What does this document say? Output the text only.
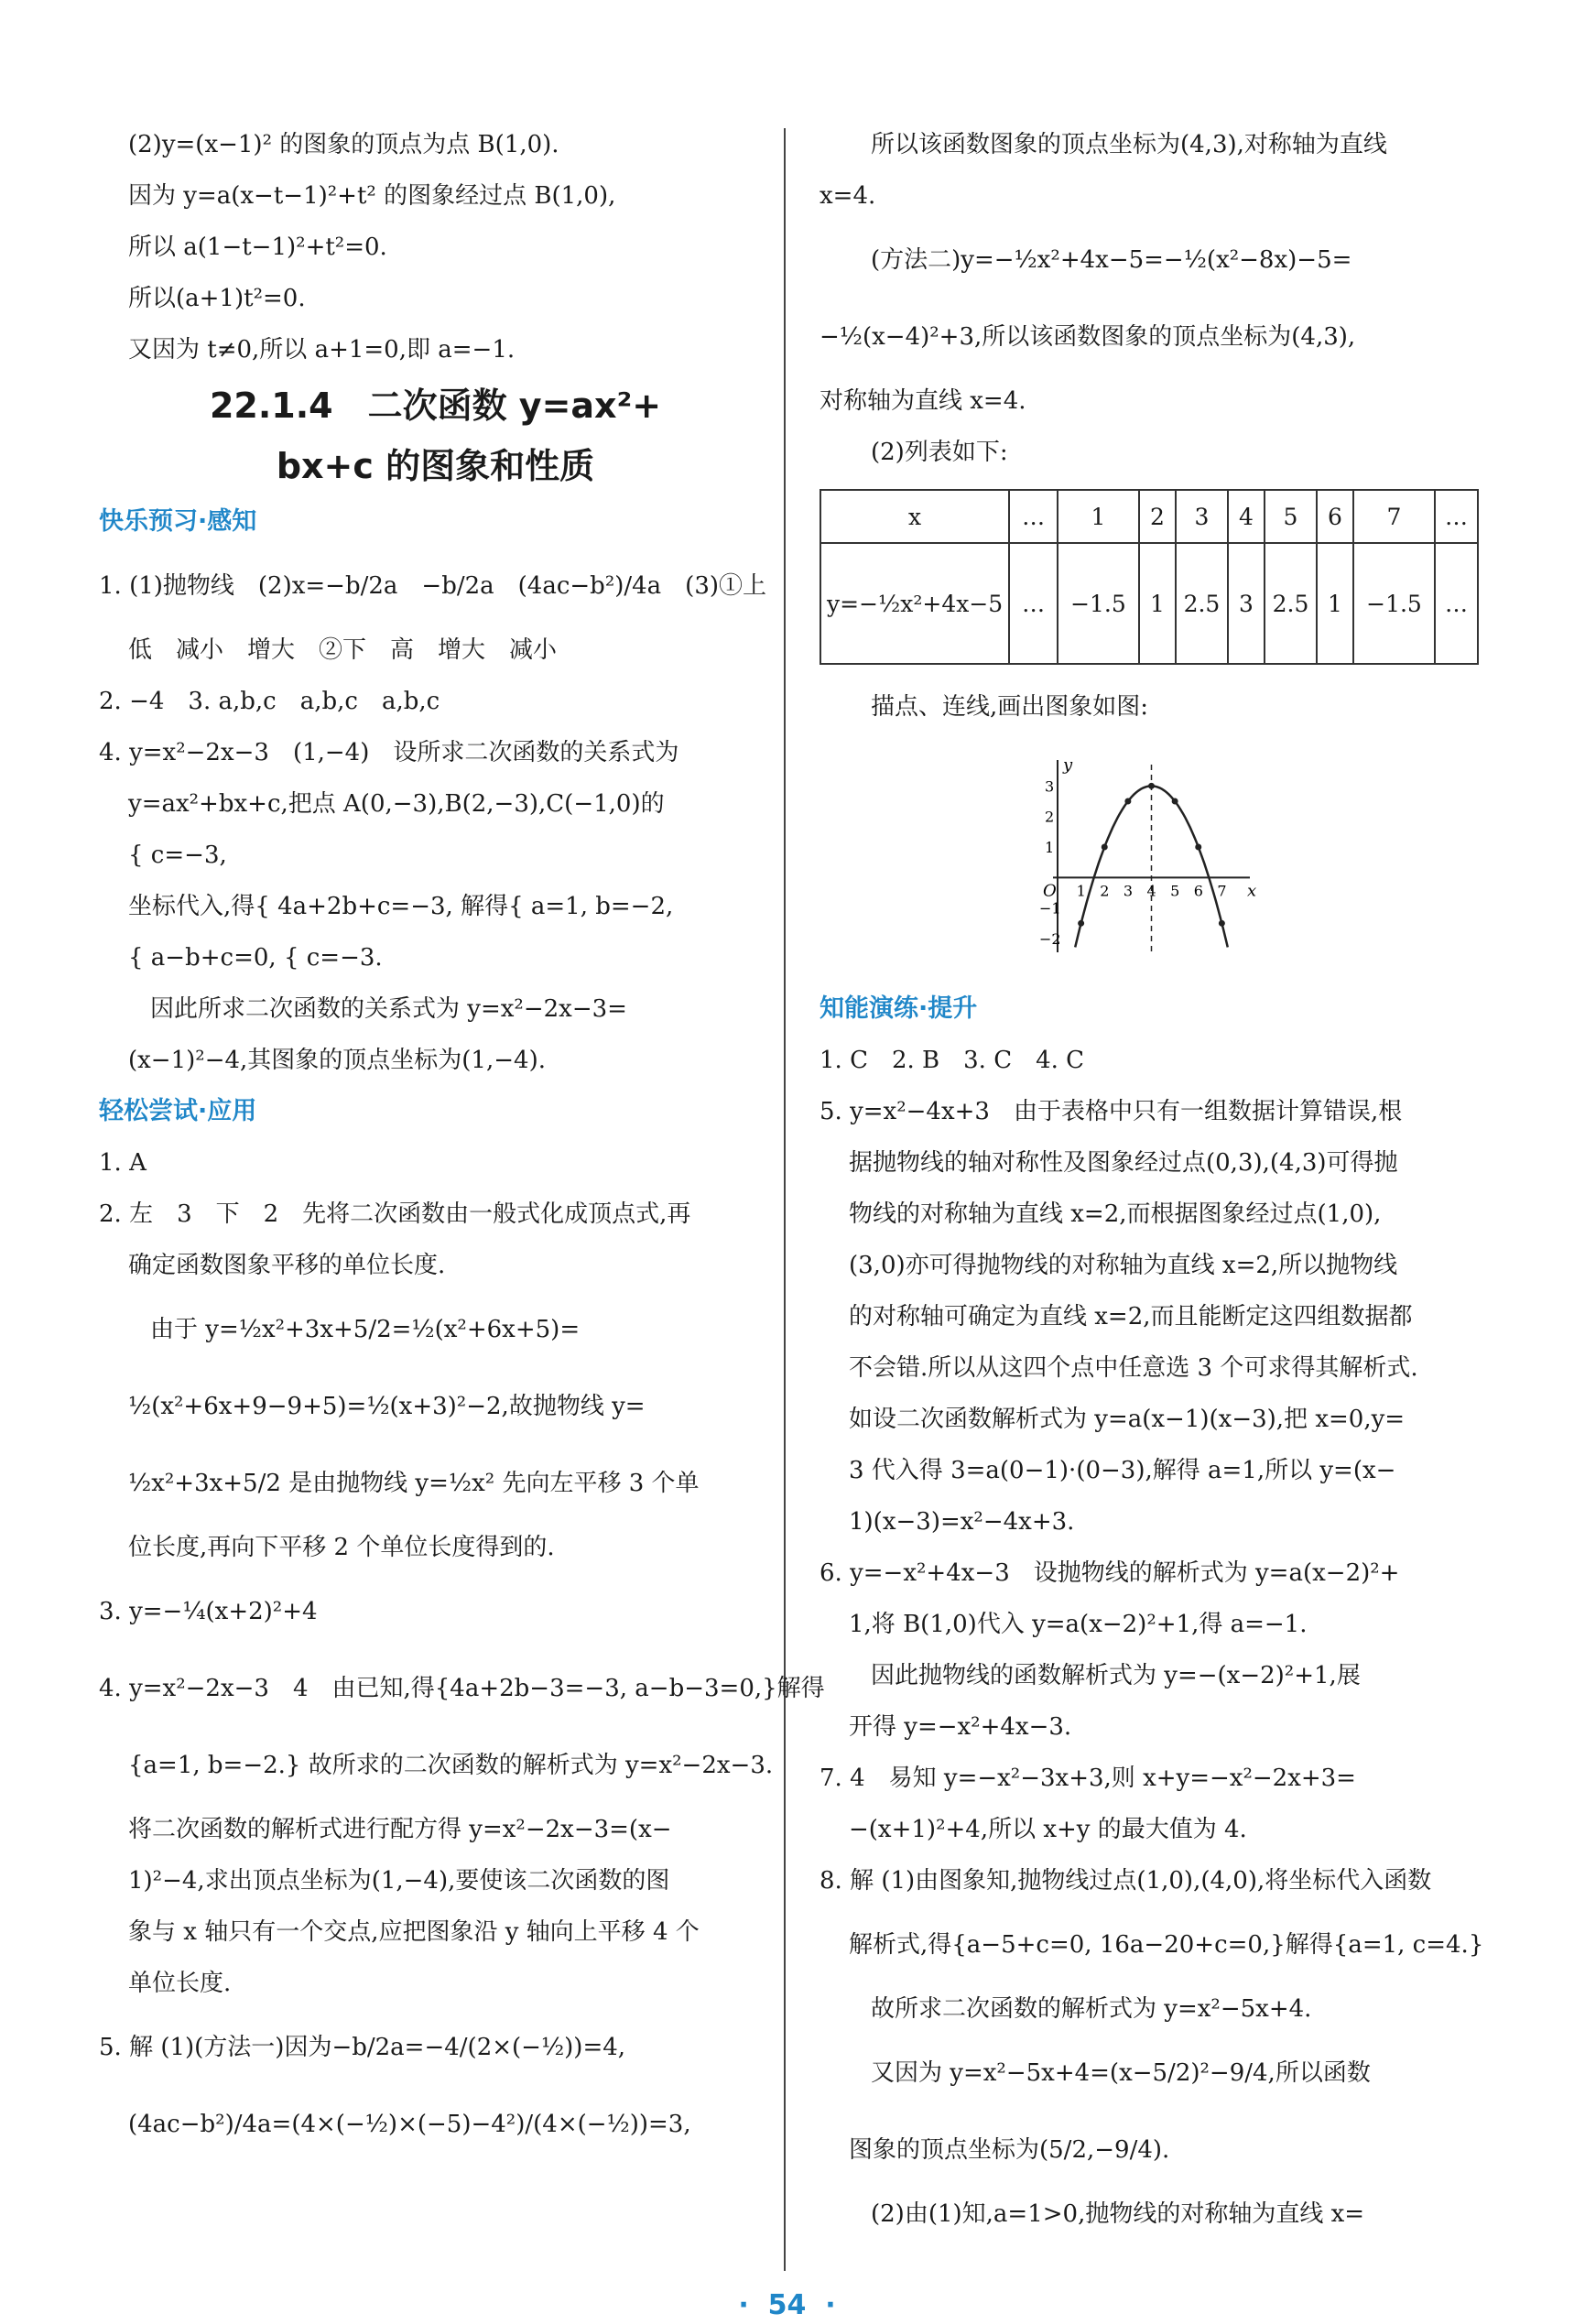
(2)y=(x−1)² 的图象的顶点为点 B(1,0).
因为 y=a(x−t−1)²+t² 的图象经过点 B(1,0),
所以 a(1−t−1)²+t²=0.
所以(a+1)t²=0.
又因为 t≠0,所以 a+1=0,即 a=−1.
22.1.4　二次函数 y=ax²+
bx+c 的图象和性质
快乐预习·感知
1. (1)抛物线　(2)x=−b/2a　−b/2a　(4ac−b²)/4a　(3)①上
低　减小　增大　②下　高　增大　减小
2. −4　3. a,b,c　a,b,c　a,b,c
4. y=x²−2x−3　(1,−4)　设所求二次函数的关系式为
y=ax²+bx+c,把点 A(0,−3),B(2,−3),C(−1,0)的
{ c=−3,
坐标代入,得{ 4a+2b+c=−3, 解得{ a=1, b=−2,
{ a−b+c=0, { c=−3.
因此所求二次函数的关系式为 y=x²−2x−3=
(x−1)²−4,其图象的顶点坐标为(1,−4).
轻松尝试·应用
1. A
2. 左　3　下　2　先将二次函数由一般式化成顶点式,再
确定函数图象平移的单位长度.
由于 y=½x²+3x+5/2=½(x²+6x+5)=
½(x²+6x+9−9+5)=½(x+3)²−2,故抛物线 y=
½x²+3x+5/2 是由抛物线 y=½x² 先向左平移 3 个单
位长度,再向下平移 2 个单位长度得到的.
3. y=−¼(x+2)²+4
4. y=x²−2x−3　4　由已知,得{4a+2b−3=−3, a−b−3=0,}解得
{a=1, b=−2.} 故所求的二次函数的解析式为 y=x²−2x−3.
将二次函数的解析式进行配方得 y=x²−2x−3=(x−
1)²−4,求出顶点坐标为(1,−4),要使该二次函数的图
象与 x 轴只有一个交点,应把图象沿 y 轴向上平移 4 个
单位长度.
5. 解 (1)(方法一)因为−b/2a=−4/(2×(−½))=4,
(4ac−b²)/4a=(4×(−½)×(−5)−4²)/(4×(−½))=3,
所以该函数图象的顶点坐标为(4,3),对称轴为直线
x=4.
(方法二)y=−½x²+4x−5=−½(x²−8x)−5=
−½(x−4)²+3,所以该函数图象的顶点坐标为(4,3),
对称轴为直线 x=4.
(2)列表如下:
x	…	1	2	3	4	5	6	7	…
y=−½x²+4x−5	…	−1.5	1	2.5	3	2.5	1	−1.5	…
描点、连线,画出图象如图:
1 2 3 4 5 6 7
3
2
1
−1
−2
x
y
O
知能演练·提升
1. C　2. B　3. C　4. C
5. y=x²−4x+3　由于表格中只有一组数据计算错误,根
据抛物线的轴对称性及图象经过点(0,3),(4,3)可得抛
物线的对称轴为直线 x=2,而根据图象经过点(1,0),
(3,0)亦可得抛物线的对称轴为直线 x=2,所以抛物线
的对称轴可确定为直线 x=2,而且能断定这四组数据都
不会错.所以从这四个点中任意选 3 个可求得其解析式.
如设二次函数解析式为 y=a(x−1)(x−3),把 x=0,y=
3 代入得 3=a(0−1)·(0−3),解得 a=1,所以 y=(x−
1)(x−3)=x²−4x+3.
6. y=−x²+4x−3　设抛物线的解析式为 y=a(x−2)²+
1,将 B(1,0)代入 y=a(x−2)²+1,得 a=−1.
因此抛物线的函数解析式为 y=−(x−2)²+1,展
开得 y=−x²+4x−3.
7. 4　易知 y=−x²−3x+3,则 x+y=−x²−2x+3=
−(x+1)²+4,所以 x+y 的最大值为 4.
8. 解 (1)由图象知,抛物线过点(1,0),(4,0),将坐标代入函数
解析式,得{a−5+c=0, 16a−20+c=0,}解得{a=1, c=4.}
故所求二次函数的解析式为 y=x²−5x+4.
又因为 y=x²−5x+4=(x−5/2)²−9/4,所以函数
图象的顶点坐标为(5/2,−9/4).
(2)由(1)知,a=1>0,抛物线的对称轴为直线 x=
· 54 ·
